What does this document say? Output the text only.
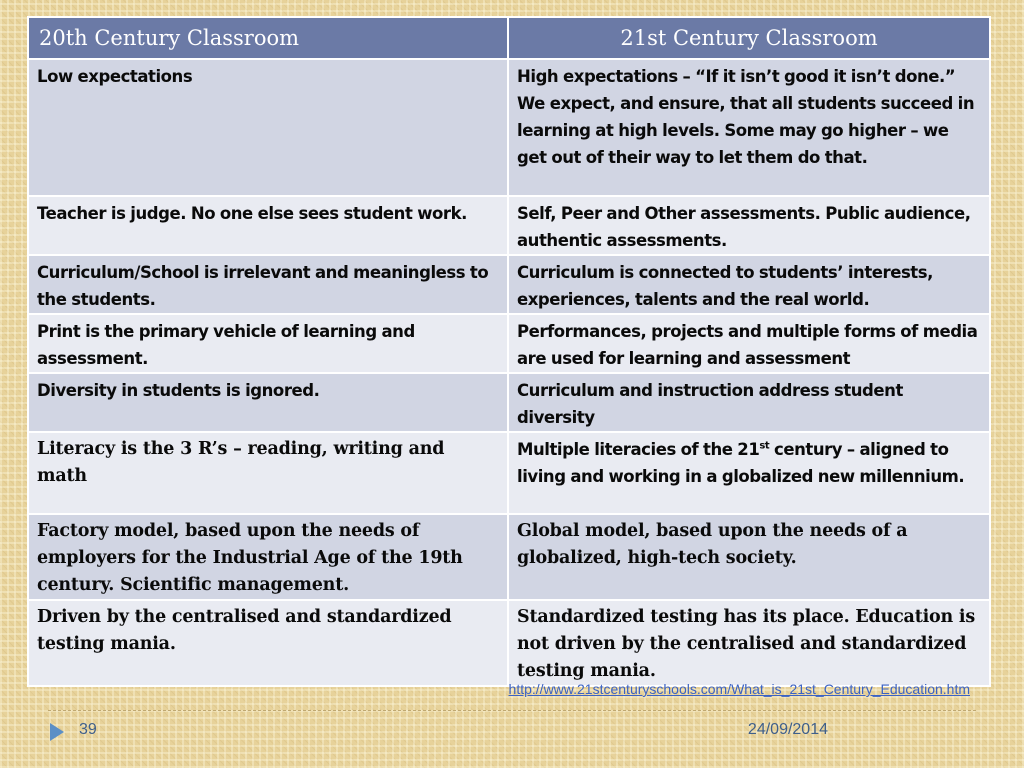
20th Century Classroom	21st Century Classroom
Low expectations	High expectations – “If it isn’t good it isn’t done.” We expect, and ensure, that all students succeed in learning at high levels. Some may go higher – we get out of their way to let them do that.
Teacher is judge. No one else sees student work.	Self, Peer and Other assessments. Public audience, authentic assessments.
Curriculum/School is irrelevant and meaningless to the students.	Curriculum is connected to students’ interests, experiences, talents and the real world.
Print is the primary vehicle of learning and assessment.	Performances, projects and multiple forms of media are used for learning and assessment
Diversity in students is ignored.	Curriculum and instruction address student diversity
Literacy is the 3 R’s – reading, writing and math	Multiple literacies of the 21st century – aligned to living and working in a globalized new millennium.
Factory model, based upon the needs of employers for the Industrial Age of the 19th century. Scientific management.	Global model, based upon the needs of a globalized, high-tech society.
Driven by the centralised and standardized testing mania.	Standardized testing has its place. Education is not driven by the centralised and standardized testing mania.
http://www.21stcenturyschools.com/What_is_21st_Century_Education.htm
39	24/09/2014
